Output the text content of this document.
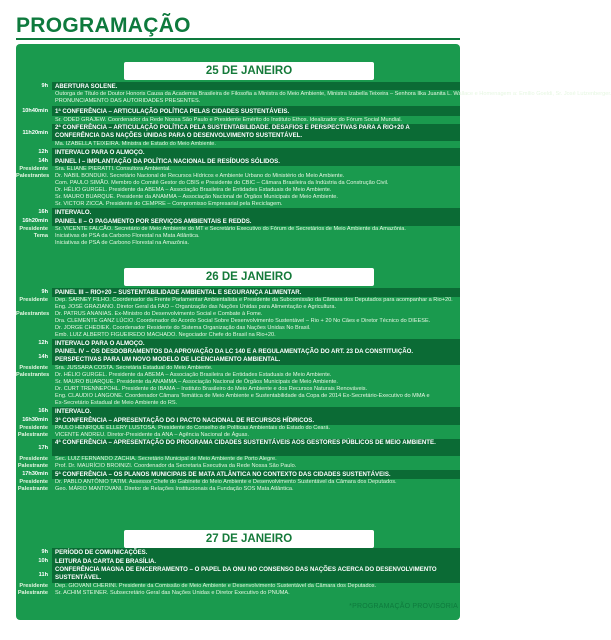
PROGRAMAÇÃO
25 DE JANEIRO
9h ABERTURA SOLENE.
Outorga de Título de Doutor Honoris Causa da Academia Brasileira de Filosofia a Ministra do Meio Ambiente, Ministra Izabella Teixeira – Senhora Ilka Juanita L. Wallace e Homenagem a: Emílio Goeldi, Sr. José Lutzenberger.
PRONUNCIAMENTO DAS AUTORIDADES PRESENTES.
10h40min 1ª CONFERÊNCIA – ARTICULAÇÃO POLÍTICA PELAS CIDADES SUSTENTÁVEIS.
Sr. ODED GRAJEW. Coordenador da Rede Nossa São Paulo e Presidente Emérito do Instituto Ethos. Idealizador do Fórum Social Mundial.
11h20min
2ª CONFERÊNCIA – ARTICULAÇÃO POLÍTICA PELA SUSTENTABILIDADE. DESAFIOS E PERSPECTIVAS PARA A RIO+20 A CONFERÊNCIA DAS NAÇÕES UNIDAS PARA O DESENVOLVIMENTO SUSTENTÁVEL.
Ma. IZABELLA TEIXEIRA. Ministra de Estado do Meio Ambiente.
12h INTERVALO PARA O ALMOÇO.
14h PAINEL I – IMPLANTAÇÃO DA POLÍTICA NACIONAL DE RESÍDUOS SÓLIDOS.
Presidente Sra. ELIANE PIERATTI. Consultora Ambiental.
Palestrantes Dr. NABIL BONDUKI. Secretário Nacional de Recursos Hídricos e Ambiente Urbano do Ministério do Meio Ambiente.
Com. PAULO SIMÃO. Membro do Comitê Gestor do CBIS e Presidente do CBIC – Câmara Brasileira da Indústria da Construção Civil.
Dr. HÉLIO GURGEL. Presidente da ABEMA – Associação Brasileira de Entidades Estaduais de Meio Ambiente.
Sr. MAURO BUARQUE. Presidente da ANAMMA – Associação Nacional de Órgãos Municipais de Meio Ambiente.
Sr. VICTOR ZICCA. Presidente do CEMPRE – Compromisso Empresarial pela Reciclagem.
16h INTERVALO.
16h20min PAINEL II – O PAGAMENTO POR SERVIÇOS AMBIENTAIS E REDDS.
Presidente Sr. VICENTE FALCÃO. Secretário de Meio Ambiente do MT e Secretário Executivo do Fórum de Secretários de Meio Ambiente da Amazônia.
Tema Iniciativas de PSA da Carbono Florestal na Mata Atlântica.
Iniciativas de PSA de Carbono Florestal na Amazônia.
26 DE JANEIRO
9h PAINEL III – RIO+20 – SUSTENTABILIDADE AMBIENTAL E SEGURANÇA ALIMENTAR.
Presidente Dep. SARNEY FILHO. Coordenador da Frente Parlamentar Ambientalista e Presidente da Subcomissão da Câmara dos Deputados para acompanhar a Rio+20.
Eng. JOSÉ GRAZIANO. Diretor Geral da FAO – Organização das Nações Unidas para Alimentação e Agricultura.
Palestrantes Dr. PATRUS ANANIAS. Ex-Ministro do Desenvolvimento Social e Combate à Fome.
Dra. CLEMENTE GANZ LÚCIO. Coordenador do Acordo Social Sobre Desenvolvimento Sustentável – Rio + 20 No Cães e Diretor Técnico do DIEESE.
Dr. JORGE CHEDIEK. Coordenador Residente do Sistema Organização das Nações Unidas No Brasil.
Emb. LUIZ ALBERTO FIGUEIREDO MACHADO. Negociador Chefe do Brasil na Rio+20.
12h INTERVALO PARA O ALMOÇO.
14h
PAINEL IV – OS DESDOBRAMENTOS DA APROVAÇÃO DA LC 140 E A REGULAMENTAÇÃO DO ART. 23 DA CONSTITUIÇÃO. PERSPECTIVAS PARA UM NOVO MODELO DE LICENCIAMENTO AMBIENTAL.
Presidente Sra. JUSSARA COSTA. Secretária Estadual do Meio Ambiente.
Palestrantes Dr. HÉLIO GURGEL. Presidente da ABEMA – Associação Brasileira de Entidades Estaduais de Meio Ambiente.
Sr. MAURO BUARQUE. Presidente da ANAMMA – Associação Nacional de Órgãos Municipais de Meio Ambiente.
Dr. CURT TRENNEPOHL. Presidente do IBAMA – Instituto Brasileiro do Meio Ambiente e dos Recursos Naturais Renováveis.
Eng. CLAUDIO LANGONE. Coordenador Câmara Temática de Meio Ambiente e Sustentabilidade da Copa de 2014 Ex-Secretário-Executivo do MMA e
Ex-Secretário Estadual de Meio Ambiente do RS.
16h INTERVALO.
16h30min 3ª CONFERÊNCIA – APRESENTAÇÃO DO I PACTO NACIONAL DE RECURSOS HÍDRICOS.
Presidente PAULO HENRIQUE ELLERY LUSTOSA. Presidente do Conselho de Políticas Ambientais do Estado do Ceará.
Palestrante VICENTE ANDREU. Diretor-Presidente da ANA – Agência Nacional de Águas.
17h
4ª CONFERÊNCIA – APRESENTAÇÃO DO PROGRAMA CIDADES SUSTENTÁVEIS AOS GESTORES PÚBLICOS DE MEIO AMBIENTE.
Presidente Sec. LUIZ FERNANDO ZACHIA. Secretário Municipal de Meio Ambiente de Porto Alegre.
Palestrante Prof. Dr. MAURÍCIO BROINIZI. Coordenador da Secretaria Executiva da Rede Nossa São Paulo.
17h30min 5ª CONFERÊNCIA – OS PLANOS MUNICIPAIS DE MATA ATLÂNTICA NO CONTEXTO DAS CIDADES SUSTENTÁVEIS.
Presidente Dr. PABLO ANTÔNIO TATIM. Assessor Chefe do Gabinete do Meio Ambiente e Desenvolvimento Sustentável da Câmara dos Deputados.
Palestrante Geo. MÁRIO MANTOVANI. Diretor de Relações Institucionais da Fundação SOS Mata Atlântica.
27 DE JANEIRO
9h PERÍODO DE COMUNICAÇÕES.
10h LEITURA DA CARTA DE BRASÍLIA.
11h
CONFERÊNCIA MAGNA DE ENCERRAMENTO – O PAPEL DA ONU NO CONSENSO DAS NAÇÕES ACERCA DO DESENVOLVIMENTO SUSTENTÁVEL.
Presidente Dep. GIOVANI CHERINI. Presidente da Comissão de Meio Ambiente e Desenvolvimento Sustentável da Câmara dos Deputados.
Palestrante Sr. ACHIM STEINER. Subsecretário Geral das Nações Unidas e Diretor Executivo do PNUMA.
*PROGRAMAÇÃO PROVISÓRIA
